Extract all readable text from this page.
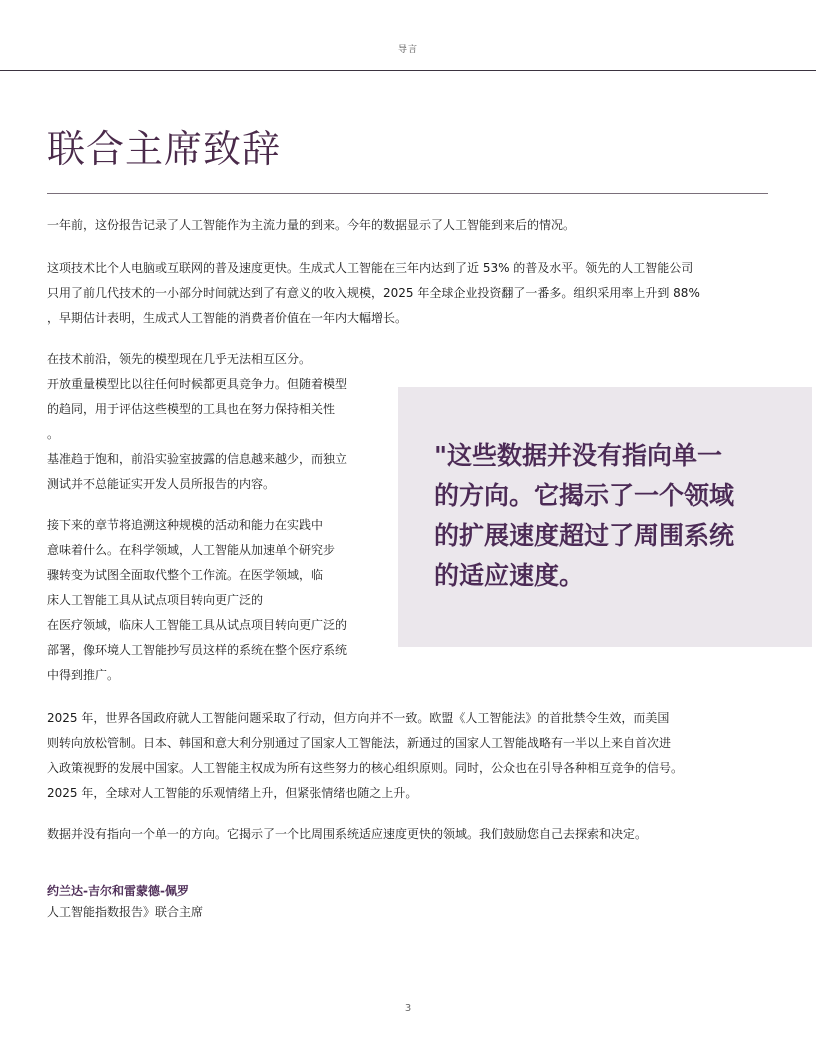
导言
联合主席致辞

一年前，这份报告记录了人工智能作为主流力量的到来。今年的数据显示了人工智能到来后的情况。

这项技术比个人电脑或互联网的普及速度更快。生成式人工智能在三年内达到了近 53% 的普及水平。领先的人工智能公司
只用了前几代技术的一小部分时间就达到了有意义的收入规模，2025 年全球企业投资翻了一番多。组织采用率上升到 88%
，早期估计表明，生成式人工智能的消费者价值在一年内大幅增长。

在技术前沿，领先的模型现在几乎无法相互区分。
开放重量模型比以往任何时候都更具竞争力。但随着模型
的趋同，用于评估这些模型的工具也在努力保持相关性
。
基准趋于饱和，前沿实验室披露的信息越来越少，而独立
测试并不总能证实开发人员所报告的内容。

接下来的章节将追溯这种规模的活动和能力在实践中
意味着什么。在科学领域，人工智能从加速单个研究步
骤转变为试图全面取代整个工作流。在医学领域，临
床人工智能工具从试点项目转向更广泛的
在医疗领域，临床人工智能工具从试点项目转向更广泛的
部署，像环境人工智能抄写员这样的系统在整个医疗系统
中得到推广。

"这些数据并没有指向单一
的方向。它揭示了一个领域
的扩展速度超过了周围系统
的适应速度。

2025 年，世界各国政府就人工智能问题采取了行动，但方向并不一致。欧盟《人工智能法》的首批禁令生效，而美国
则转向放松管制。日本、韩国和意大利分别通过了国家人工智能法，新通过的国家人工智能战略有一半以上来自首次进
入政策视野的发展中国家。人工智能主权成为所有这些努力的核心组织原则。同时，公众也在引导各种相互竞争的信号。
2025 年，全球对人工智能的乐观情绪上升，但紧张情绪也随之上升。

数据并没有指向一个单一的方向。它揭示了一个比周围系统适应速度更快的领域。我们鼓励您自己去探索和决定。

约兰达-吉尔和雷蒙德-佩罗

人工智能指数报告》联合主席

3
